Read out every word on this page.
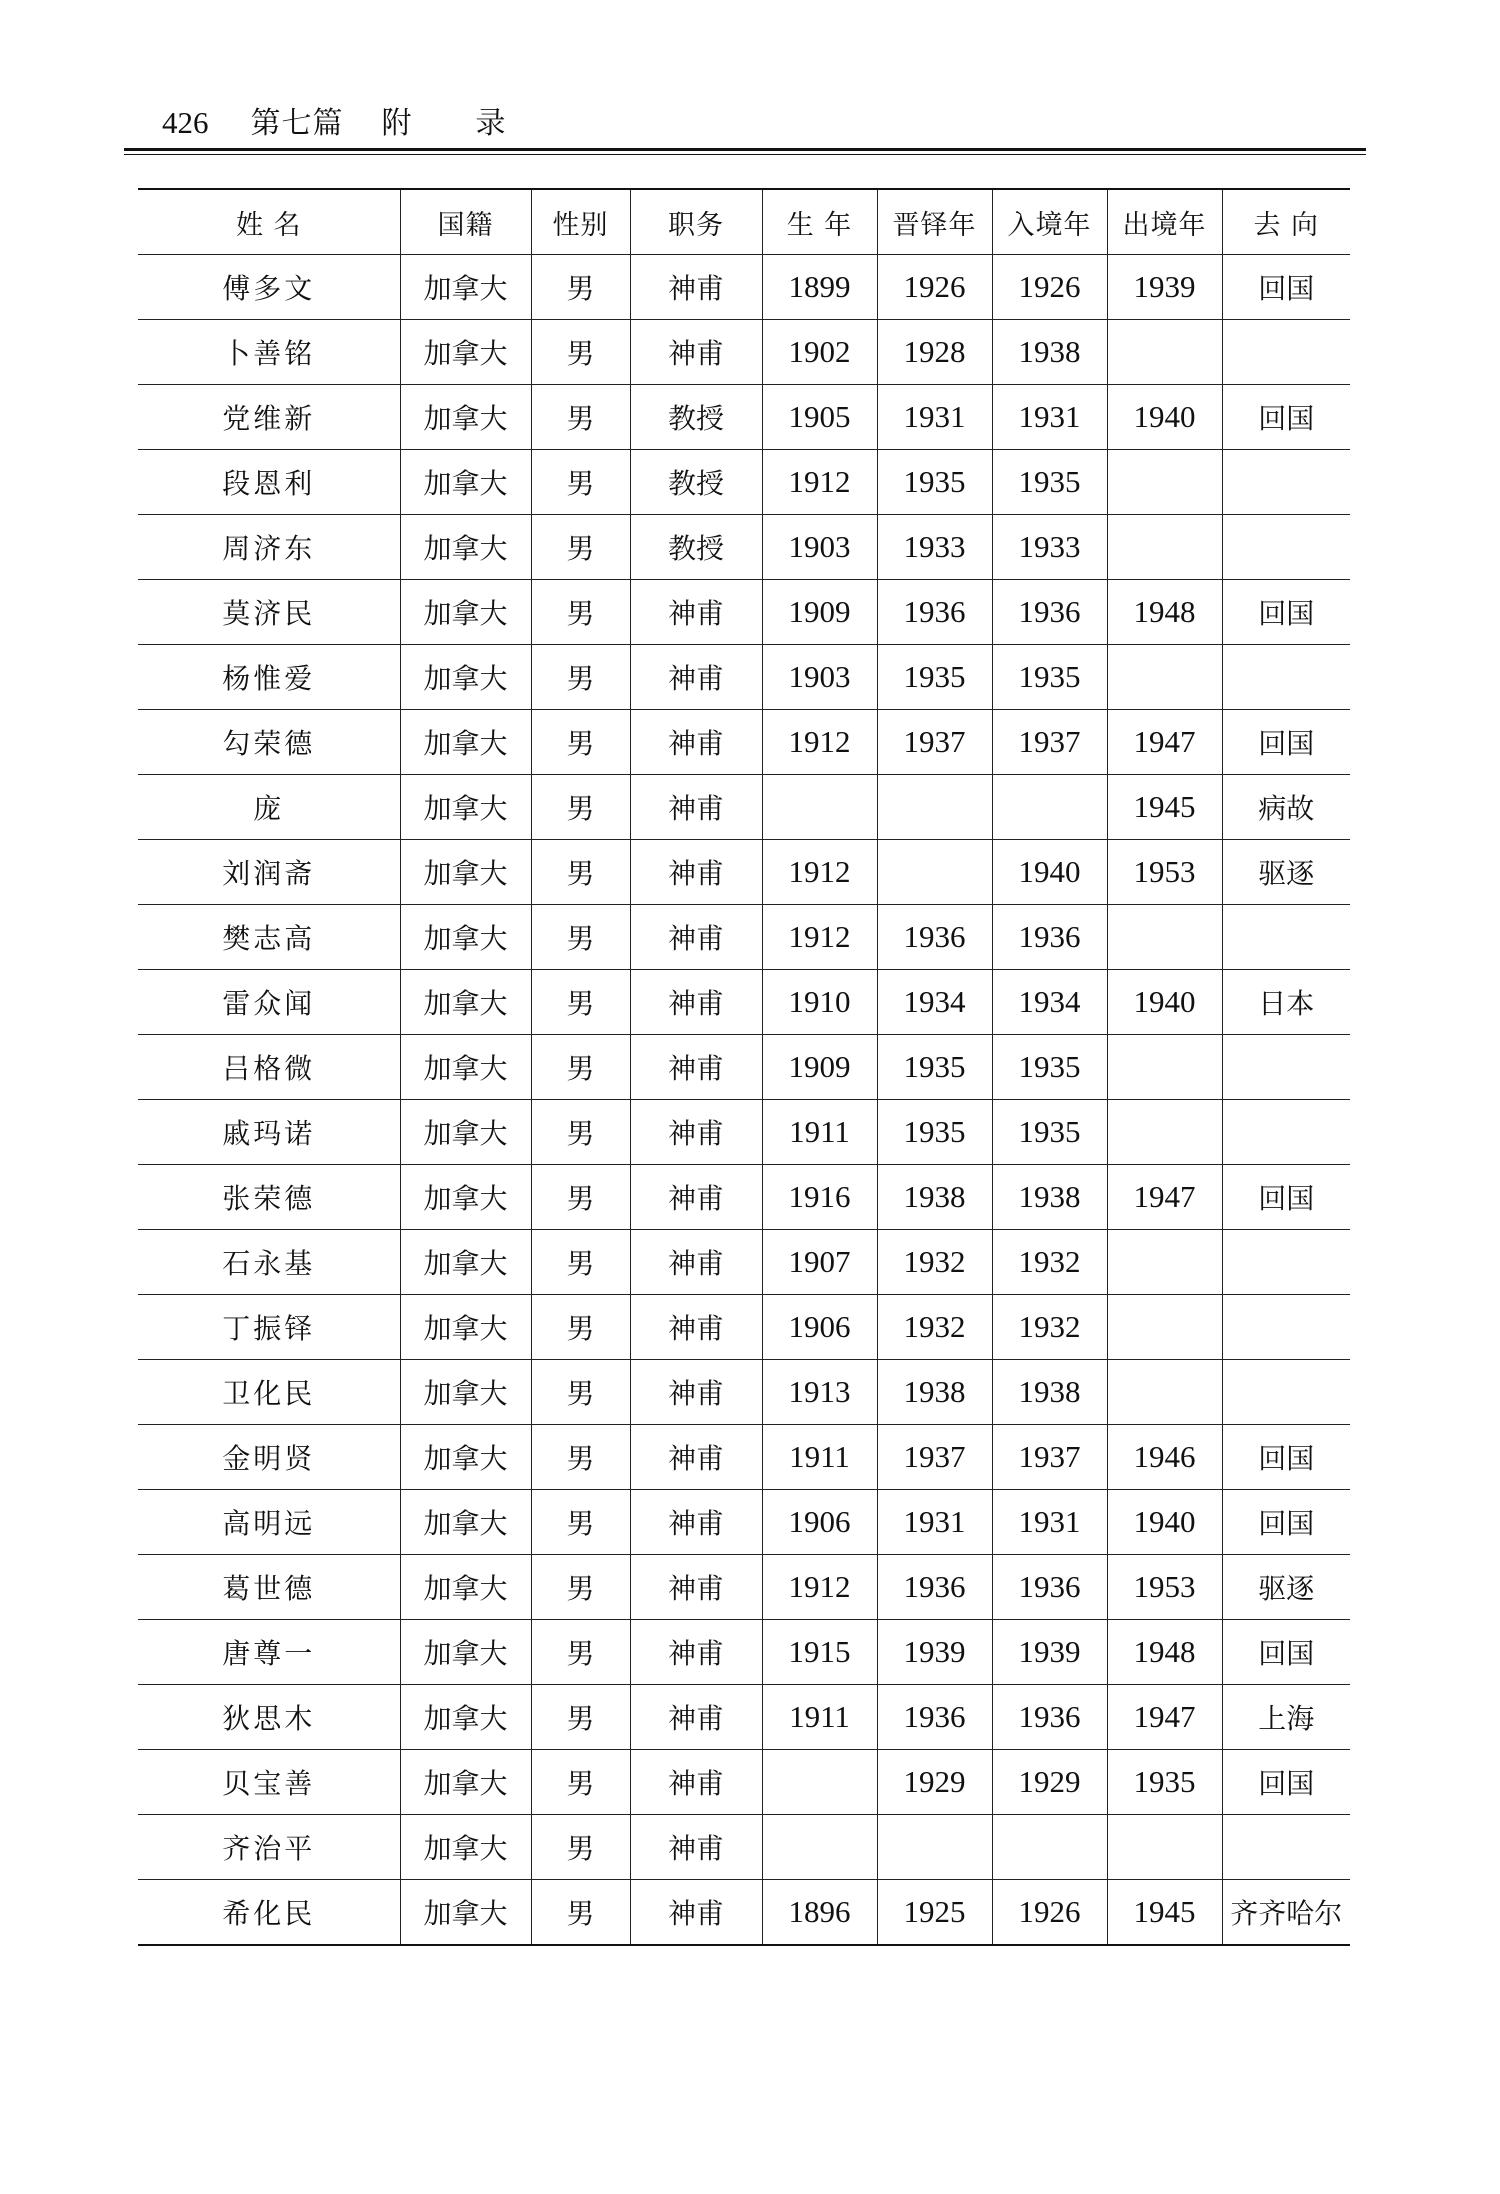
426 第七篇 附 录
姓 名	国籍	性别	职务	生 年	晋铎年	入境年	出境年	去 向
傅多文	加拿大	男	神甫	1899	1926	1926	1939	回国
卜善铭	加拿大	男	神甫	1902	1928	1938		
党维新	加拿大	男	教授	1905	1931	1931	1940	回国
段恩利	加拿大	男	教授	1912	1935	1935		
周济东	加拿大	男	教授	1903	1933	1933		
莫济民	加拿大	男	神甫	1909	1936	1936	1948	回国
杨惟爱	加拿大	男	神甫	1903	1935	1935		
勾荣德	加拿大	男	神甫	1912	1937	1937	1947	回国
庞	加拿大	男	神甫				1945	病故
刘润斋	加拿大	男	神甫	1912		1940	1953	驱逐
樊志高	加拿大	男	神甫	1912	1936	1936		
雷众闻	加拿大	男	神甫	1910	1934	1934	1940	日本
吕格微	加拿大	男	神甫	1909	1935	1935		
戚玛诺	加拿大	男	神甫	1911	1935	1935		
张荣德	加拿大	男	神甫	1916	1938	1938	1947	回国
石永基	加拿大	男	神甫	1907	1932	1932		
丁振铎	加拿大	男	神甫	1906	1932	1932		
卫化民	加拿大	男	神甫	1913	1938	1938		
金明贤	加拿大	男	神甫	1911	1937	1937	1946	回国
高明远	加拿大	男	神甫	1906	1931	1931	1940	回国
葛世德	加拿大	男	神甫	1912	1936	1936	1953	驱逐
唐尊一	加拿大	男	神甫	1915	1939	1939	1948	回国
狄思木	加拿大	男	神甫	1911	1936	1936	1947	上海
贝宝善	加拿大	男	神甫		1929	1929	1935	回国
齐治平	加拿大	男	神甫					
希化民	加拿大	男	神甫	1896	1925	1926	1945	齐齐哈尔
